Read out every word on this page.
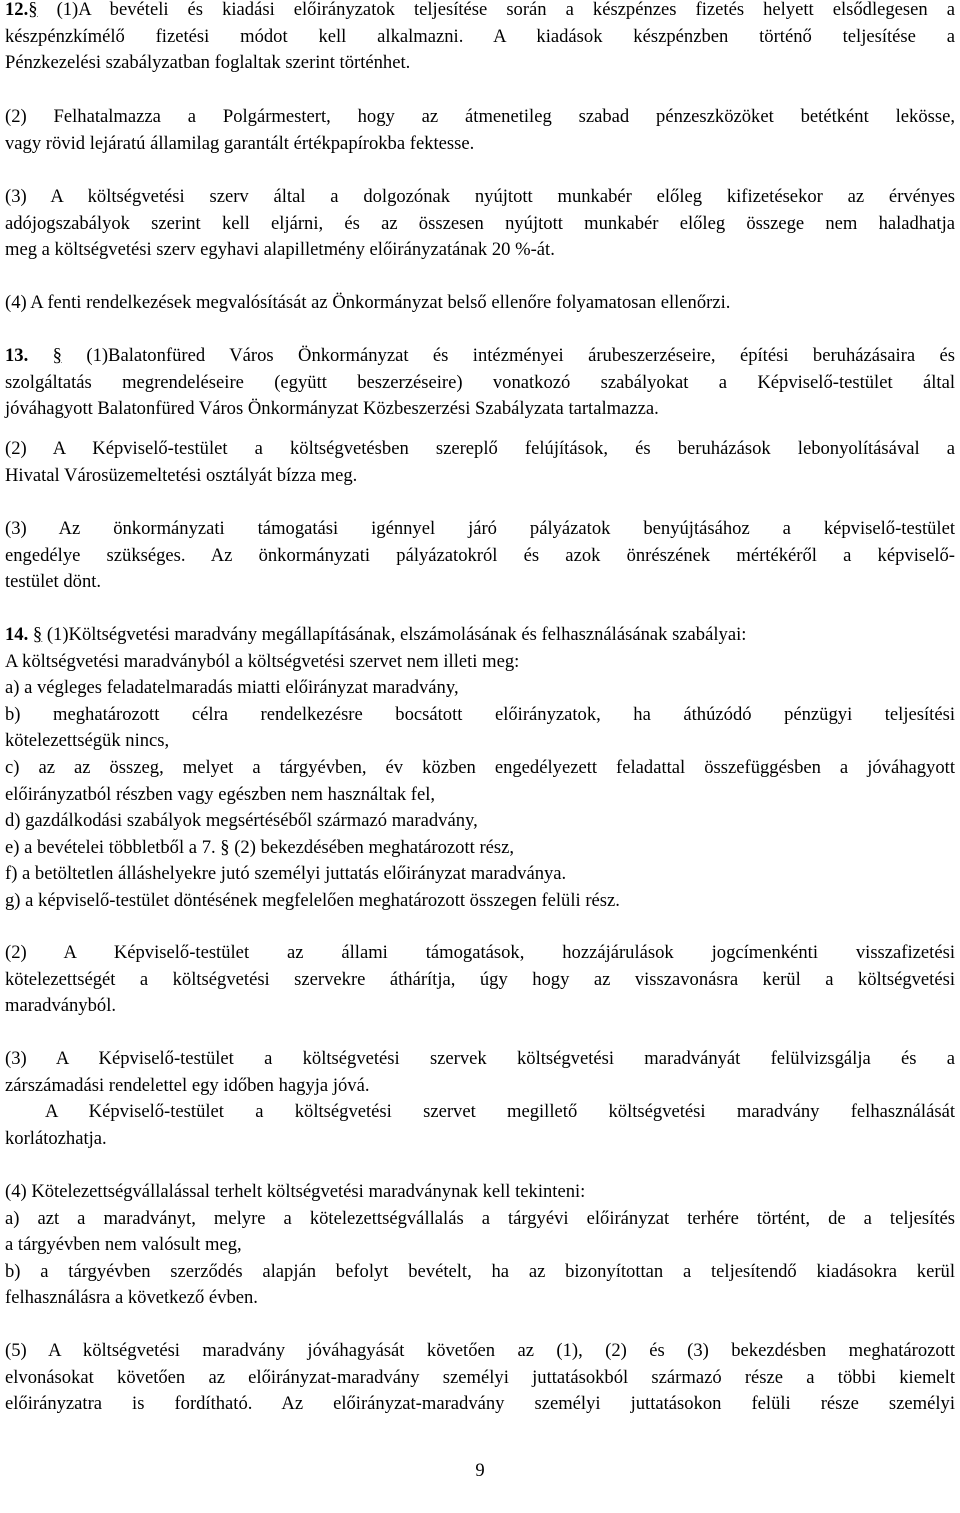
12.§ (1)A bevételi és kiadási előirányzatok teljesítése során a készpénzes fizetés helyett elsődlegesen a
készpénzkímélő fizetési módot kell alkalmazni. A kiadások készpénzben történő teljesítése a
Pénzkezelési szabályzatban foglaltak szerint történhet.
(2) Felhatalmazza a Polgármestert, hogy az átmenetileg szabad pénzeszközöket betétként lekösse,
vagy rövid lejáratú államilag garantált értékpapírokba fektesse.
(3) A költségvetési szerv által a dolgozónak nyújtott munkabér előleg kifizetésekor az érvényes
adójogszabályok szerint kell eljárni, és az összesen nyújtott munkabér előleg összege nem haladhatja
meg a költségvetési szerv egyhavi alapilletmény előirányzatának 20 %-át.
(4) A fenti rendelkezések megvalósítását az Önkormányzat belső ellenőre folyamatosan ellenőrzi.
13. § (1)Balatonfüred Város Önkormányzat és intézményei árubeszerzéseire, építési beruházásaira és
szolgáltatás megrendeléseire (együtt beszerzéseire) vonatkozó szabályokat a Képviselő-testület által
jóváhagyott Balatonfüred Város Önkormányzat Közbeszerzési Szabályzata tartalmazza.
(2) A Képviselő-testület a költségvetésben szereplő felújítások, és beruházások lebonyolításával a
Hivatal Városüzemeltetési osztályát bízza meg.
(3) Az önkormányzati támogatási igénnyel járó pályázatok benyújtásához a képviselő-testület
engedélye szükséges. Az önkormányzati pályázatokról és azok önrészének mértékéről a képviselő-
testület dönt.
14. § (1)Költségvetési maradvány megállapításának, elszámolásának és felhasználásának szabályai:
A költségvetési maradványból a költségvetési szervet nem illeti meg:
a) a végleges feladatelmaradás miatti előirányzat maradvány,
b) meghatározott célra rendelkezésre bocsátott előirányzatok, ha áthúzódó pénzügyi teljesítési
kötelezettségük nincs,
c) az az összeg, melyet a tárgyévben, év közben engedélyezett feladattal összefüggésben a jóváhagyott
előirányzatból részben vagy egészben nem használtak fel,
d) gazdálkodási szabályok megsértéséből származó maradvány,
e) a bevételei többletből a 7. § (2) bekezdésében meghatározott rész,
f) a betöltetlen álláshelyekre jutó személyi juttatás előirányzat maradványa.
g) a képviselő-testület döntésének megfelelően meghatározott összegen felüli rész.
(2) A Képviselő-testület az állami támogatások, hozzájárulások jogcímenkénti visszafizetési
kötelezettségét a költségvetési szervekre áthárítja, úgy hogy az visszavonásra kerül a költségvetési
maradványból.
(3) A Képviselő-testület a költségvetési szervek költségvetési maradványát felülvizsgálja és a
zárszámadási rendelettel egy időben hagyja jóvá.
A Képviselő-testület a költségvetési szervet megillető költségvetési maradvány felhasználását
korlátozhatja.
(4) Kötelezettségvállalással terhelt költségvetési maradványnak kell tekinteni:
a) azt a maradványt, melyre a kötelezettségvállalás a tárgyévi előirányzat terhére történt, de a teljesítés
a tárgyévben nem valósult meg,
b) a tárgyévben szerződés alapján befolyt bevételt, ha az bizonyítottan a teljesítendő kiadásokra kerül
felhasználásra a következő évben.
(5) A költségvetési maradvány jóváhagyását követően az (1), (2) és (3) bekezdésben meghatározott
elvonásokat követően az előirányzat-maradvány személyi juttatásokból származó része a többi kiemelt
előirányzatra is fordítható. Az előirányzat-maradvány személyi juttatásokon felüli része személyi
9
